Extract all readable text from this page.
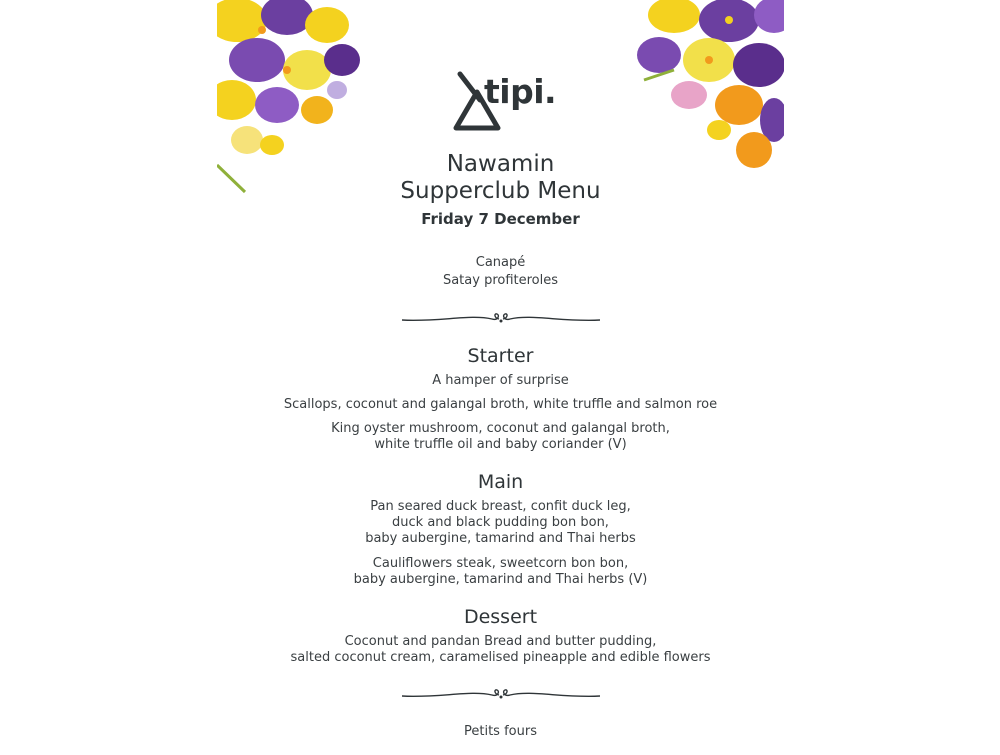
tipi.
Nawamin
Supperclub Menu
Friday 7 December
Canapé
Satay profiteroles
Starter
A hamper of surprise
Scallops, coconut and galangal broth, white truffle and salmon roe
King oyster mushroom, coconut and galangal broth,
white truffle oil and baby coriander (V)
Main
Pan seared duck breast, confit duck leg,
duck and black pudding bon bon,
baby aubergine, tamarind and Thai herbs
Cauliflowers steak, sweetcorn bon bon,
baby aubergine, tamarind and Thai herbs (V)
Dessert
Coconut and pandan Bread and butter pudding,
salted coconut cream, caramelised pineapple and edible flowers
Petits fours
